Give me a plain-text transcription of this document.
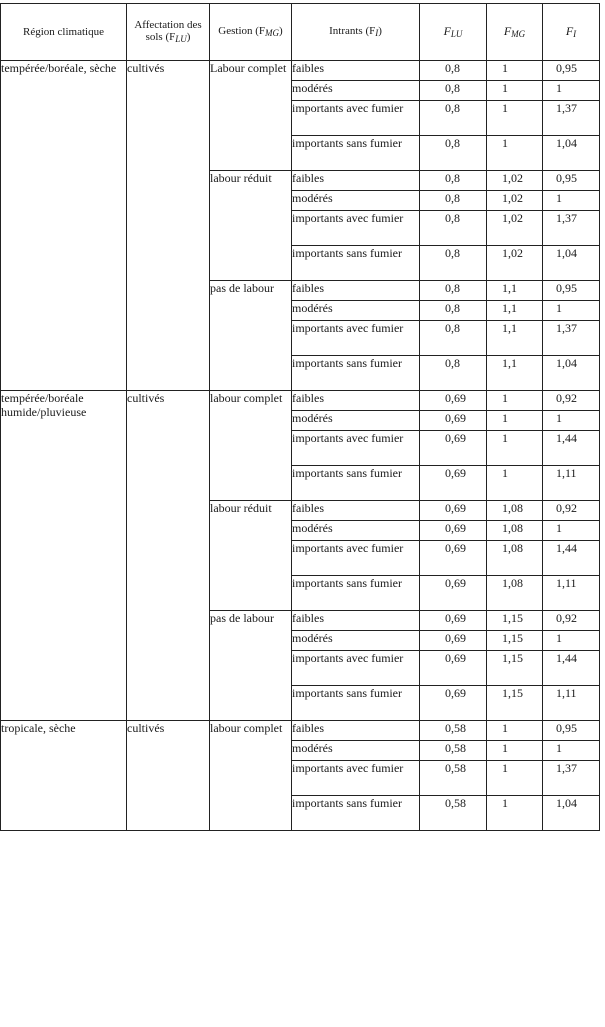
Région climatique	Affectation des sols $(F_{LU})$	Gestion $(F_{MG})$	Intrants $(F_I)$	$F_{LU}$	$F_{MG}$	$F_I$
tempérée/boréale, sèche	cultivés	Labour complet	faibles	0,8	1	0,95
			modérés	0,8	1	1
			importants avec fumier	0,8	1	1,37
			importants sans fumier	0,8	1	1,04
		labour réduit	faibles	0,8	1,02	0,95
			modérés	0,8	1,02	1
			importants avec fumier	0,8	1,02	1,37
			importants sans fumier	0,8	1,02	1,04
		pas de labour	faibles	0,8	1,1	0,95
			modérés	0,8	1,1	1
			importants avec fumier	0,8	1,1	1,37
			importants sans fumier	0,8	1,1	1,04
tempérée/boréale humide/pluvieuse	cultivés	labour complet	faibles	0,69	1	0,92
			modérés	0,69	1	1
			importants avec fumier	0,69	1	1,44
			importants sans fumier	0,69	1	1,11
		labour réduit	faibles	0,69	1,08	0,92
			modérés	0,69	1,08	1
			importants avec fumier	0,69	1,08	1,44
			importants sans fumier	0,69	1,08	1,11
		pas de labour	faibles	0,69	1,15	0,92
			modérés	0,69	1,15	1
			importants avec fumier	0,69	1,15	1,44
			importants sans fumier	0,69	1,15	1,11
tropicale, sèche	cultivés	labour complet	faibles	0,58	1	0,95
			modérés	0,58	1	1
			importants avec fumier	0,58	1	1,37
			importants sans fumier	0,58	1	1,04
